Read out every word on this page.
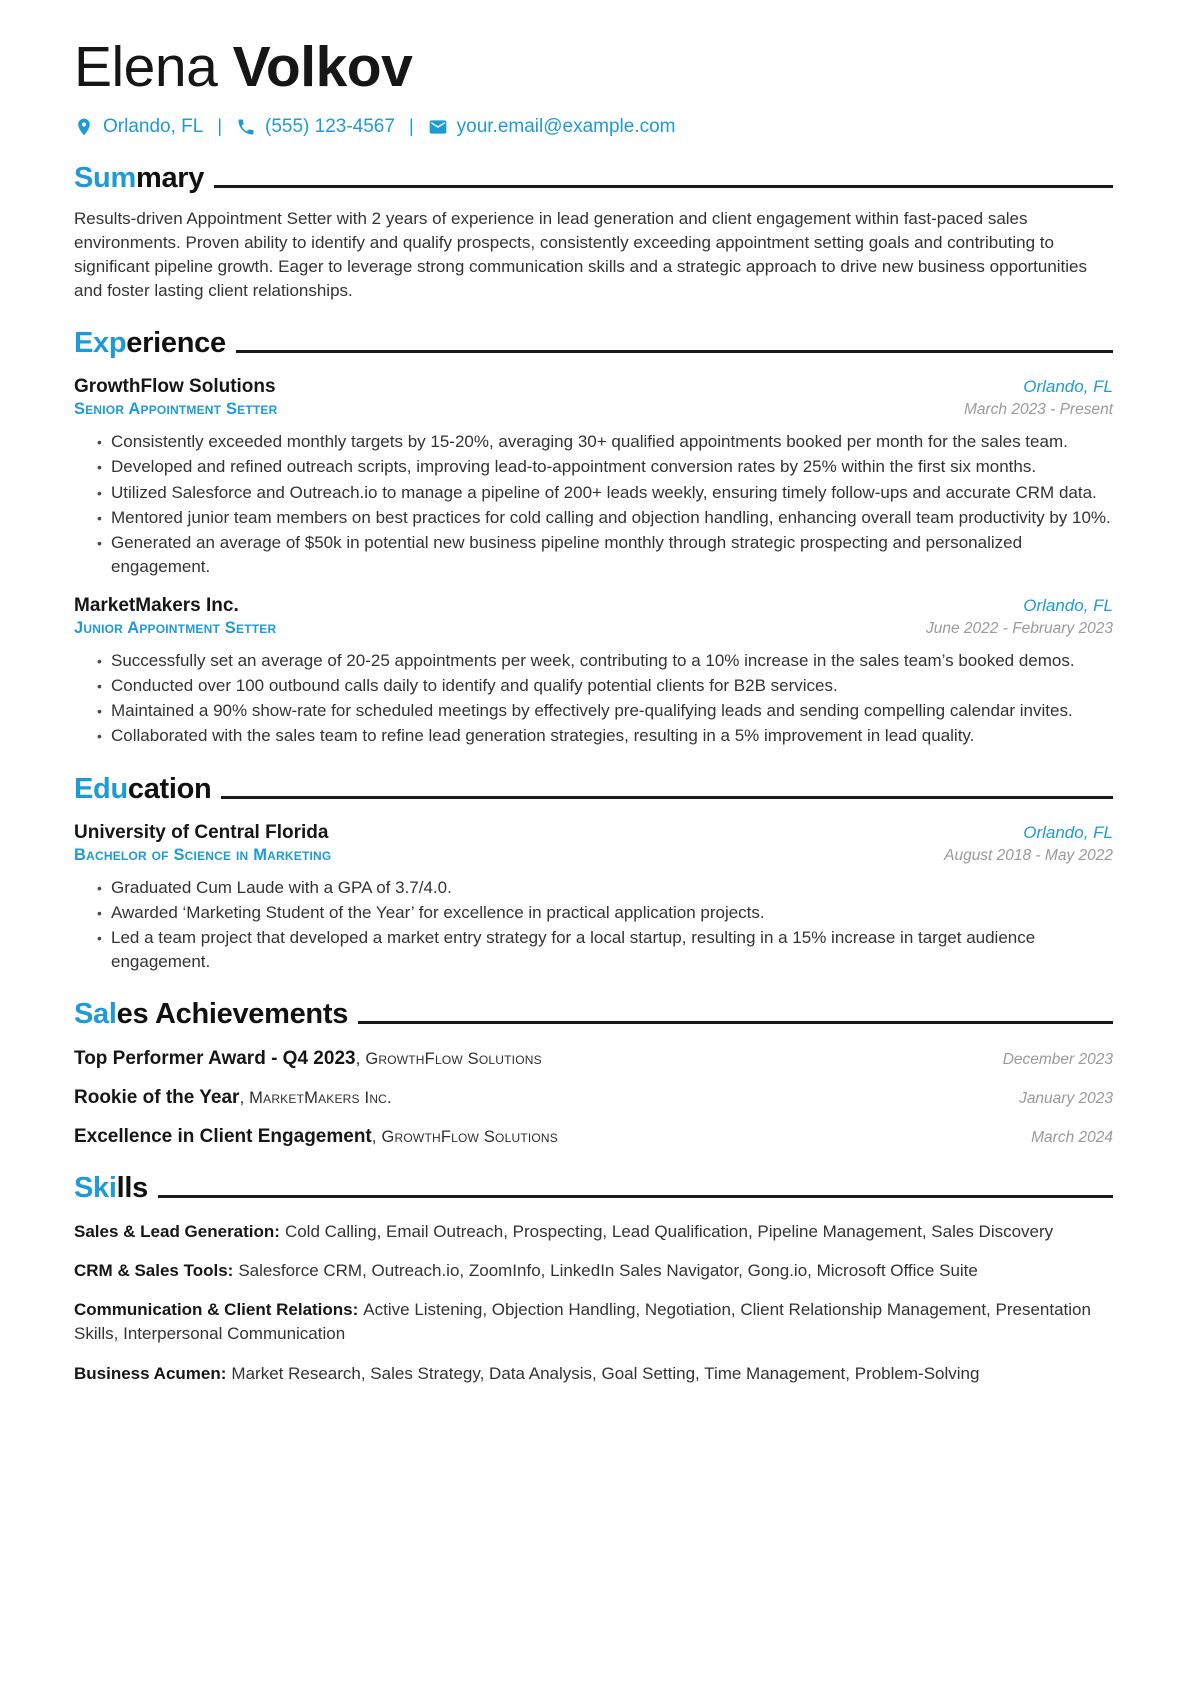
Elena Volkov
Orlando, FL | (555) 123-4567 | your.email@example.com
Sum mary

Results-driven Appointment Setter with 2 years of experience in lead generation and client engagement within fast-paced sales environments. Proven ability to identify and qualify prospects, consistently exceeding appointment setting goals and contributing to significant pipeline growth. Eager to leverage strong communication skills and a strategic approach to drive new business opportunities and foster lasting client relationships.

Exp erience
GrowthFlow Solutions	Orlando, FL
Senior Appointment Setter	March 2023 - Present
• Consistently exceeded monthly targets by 15-20%, averaging 30+ qualified appointments booked per month for the sales team.
• Developed and refined outreach scripts, improving lead-to-appointment conversion rates by 25% within the first six months.
• Utilized Salesforce and Outreach.io to manage a pipeline of 200+ leads weekly, ensuring timely follow-ups and accurate CRM data.
• Mentored junior team members on best practices for cold calling and objection handling, enhancing overall team productivity by 10%.
• Generated an average of $50k in potential new business pipeline monthly through strategic prospecting and personalized engagement.
MarketMakers Inc.	Orlando, FL
Junior Appointment Setter	June 2022 - February 2023
• Successfully set an average of 20-25 appointments per week, contributing to a 10% increase in the sales team’s booked demos.
• Conducted over 100 outbound calls daily to identify and qualify potential clients for B2B services.
• Maintained a 90% show-rate for scheduled meetings by effectively pre-qualifying leads and sending compelling calendar invites.
• Collaborated with the sales team to refine lead generation strategies, resulting in a 5% improvement in lead quality.
Edu cation
University of Central Florida	Orlando, FL
Bachelor of Science in Marketing	August 2018 - May 2022
• Graduated Cum Laude with a GPA of 3.7/4.0.
• Awarded ‘Marketing Student of the Year’ for excellence in practical application projects.
• Led a team project that developed a market entry strategy for a local startup, resulting in a 15% increase in target audience engagement.
Sal es Achievements
Top Performer Award - Q4 2023, GrowthFlow Solutions	December 2023
Rookie of the Year, MarketMakers Inc.	January 2023
Excellence in Client Engagement, GrowthFlow Solutions	March 2024
Ski lls

Sales & Lead Generation: Cold Calling, Email Outreach, Prospecting, Lead Qualification, Pipeline Management, Sales Discovery

CRM & Sales Tools: Salesforce CRM, Outreach.io, ZoomInfo, LinkedIn Sales Navigator, Gong.io, Microsoft Office Suite

Communication & Client Relations: Active Listening, Objection Handling, Negotiation, Client Relationship Management, Presentation Skills, Interpersonal Communication

Business Acumen: Market Research, Sales Strategy, Data Analysis, Goal Setting, Time Management, Problem-Solving
